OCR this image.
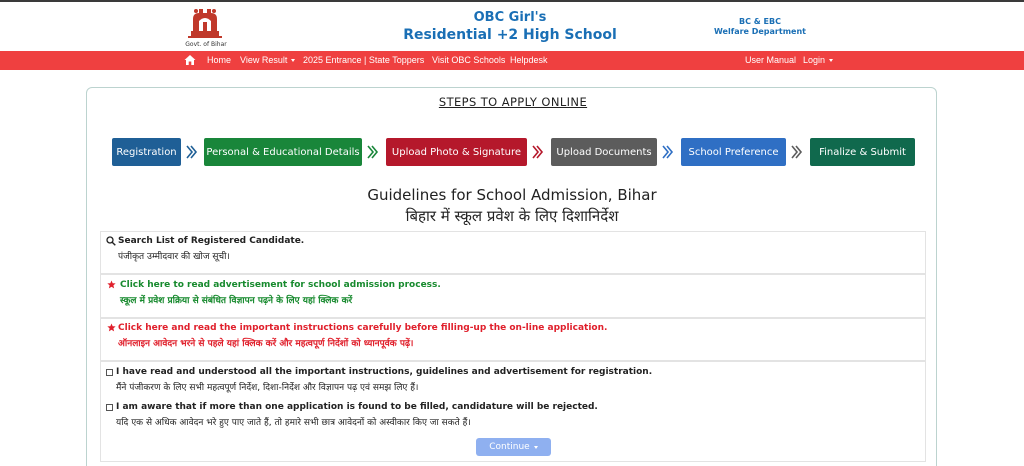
Govt. of Bihar
OBC Girl's
Residential +2 High School
BC & EBC
Welfare Department
Home View Result	2025 Entrance | State Toppers Visit OBC Schools Helpdesk	User Manual Login
STEPS TO APPLY ONLINE
Registration	Personal & Educational Details	Upload Photo & Signature	Upload Documents	School Preference	Finalize & Submit
Guidelines for School Admission, Bihar
बिहार में स्कूल प्रवेश के लिए दिशानिर्देश
Search List of Registered Candidate.
पंजीकृत उम्मीदवार की खोज सूची।
Click here to read advertisement for school admission process.
स्कूल में प्रवेश प्रक्रिया से संबंधित विज्ञापन पढ़ने के लिए यहां क्लिक करें
Click here and read the important instructions carefully before filling-up the on-line application.
ऑनलाइन आवेदन भरने से पहले यहां क्लिक करें और महत्वपूर्ण निर्देशों को ध्यानपूर्वक पढ़ें।
I have read and understood all the important instructions, guidelines and advertisement for registration.
मैंने पंजीकरण के लिए सभी महत्वपूर्ण निर्देश, दिशा-निर्देश और विज्ञापन पढ़ एवं समझ लिए हैं।
I am aware that if more than one application is found to be filled, candidature will be rejected.
यदि एक से अधिक आवेदन भरे हुए पाए जाते हैं, तो हमारे सभी छात्र आवेदनों को अस्वीकार किए जा सकते हैं।
Continue
